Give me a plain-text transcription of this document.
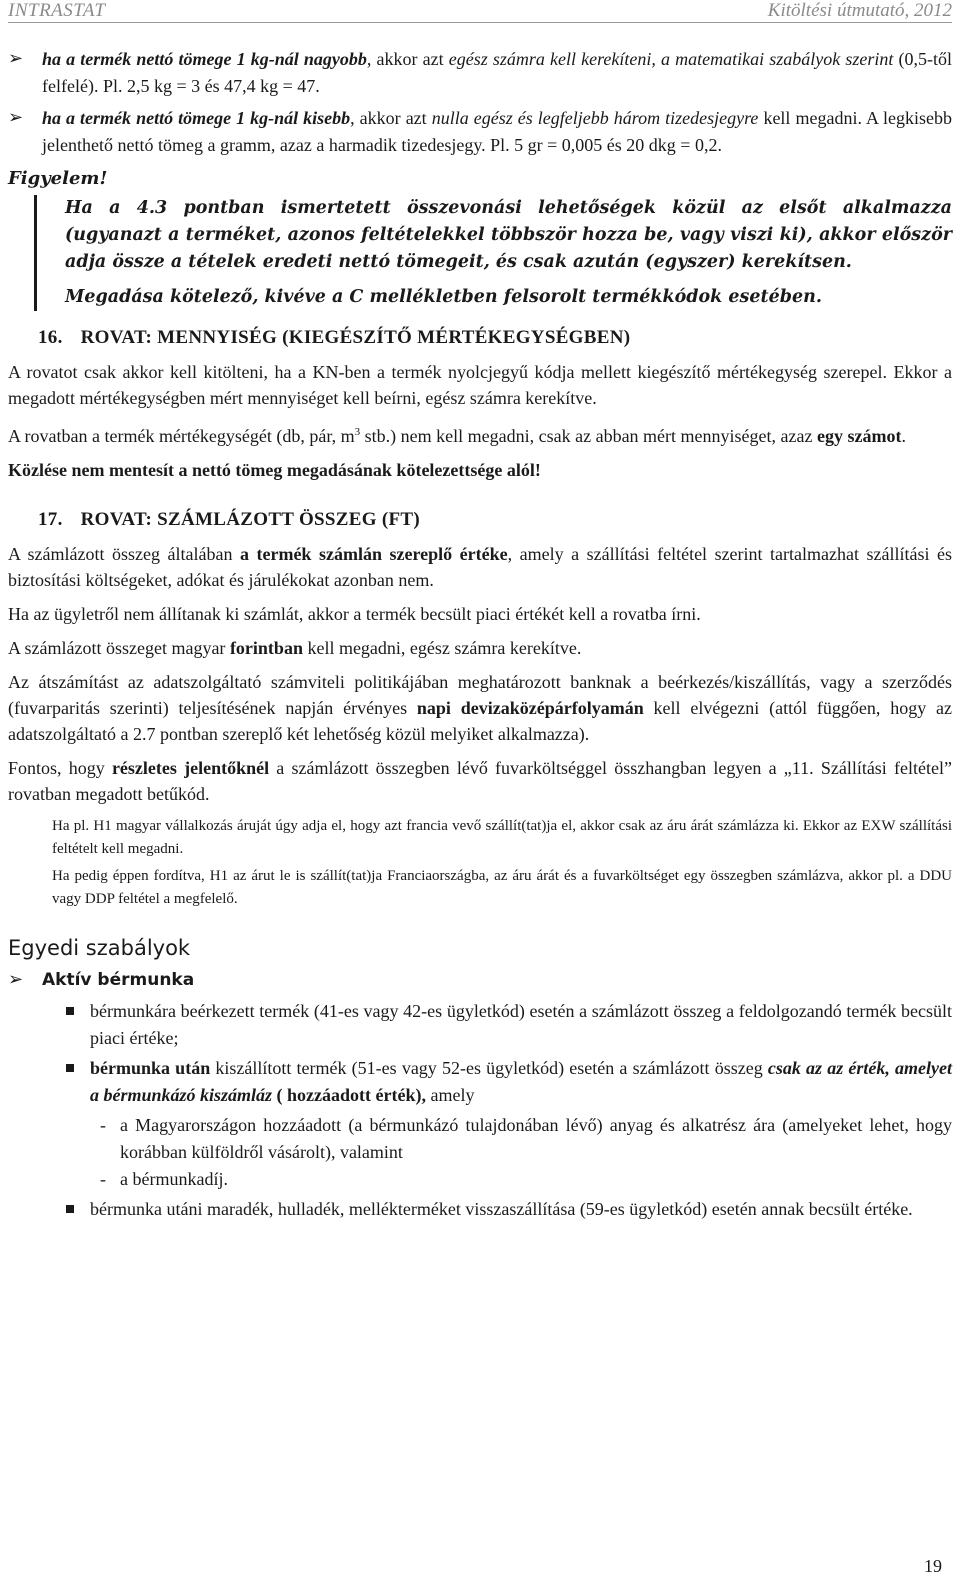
INTRASTAT	Kitöltési útmutató, 2012
➢ ha a termék nettó tömege 1 kg-nál nagyobb, akkor azt egész számra kell kerekíteni, a matematikai szabályok szerint (0,5-től felfelé). Pl. 2,5 kg = 3 és 47,4 kg = 47.
➢ ha a termék nettó tömege 1 kg-nál kisebb, akkor azt nulla egész és legfeljebb három tizedesjegyre kell megadni. A legkisebb jelenthető nettó tömeg a gramm, azaz a harmadik tizedesjegy. Pl. 5 gr = 0,005 és 20 dkg = 0,2.
Figyelem!

Ha a 4.3 pontban ismertetett összevonási lehetőségek közül az elsőt alkalmazza (ugyanazt a terméket, azonos feltételekkel többször hozza be, vagy viszi ki), akkor először adja össze a tételek eredeti nettó tömegeit, és csak azután (egyszer) kerekítsen.

Megadása kötelező, kivéve a C mellékletben felsorolt termékkódok esetében.

16. ROVAT: MENNYISÉG (KIEGÉSZÍTŐ MÉRTÉKEGYSÉGBEN)

A rovatot csak akkor kell kitölteni, ha a KN-ben a termék nyolcjegyű kódja mellett kiegészítő mértékegység szerepel. Ekkor a megadott mértékegységben mért mennyiséget kell beírni, egész számra kerekítve.

A rovatban a termék mértékegységét (db, pár, $m^3$ stb.) nem kell megadni, csak az abban mért mennyiséget, azaz egy számot.

Közlése nem mentesít a nettó tömeg megadásának kötelezettsége alól!

17. ROVAT: SZÁMLÁZOTT ÖSSZEG (FT)

A számlázott összeg általában a termék számlán szereplő értéke, amely a szállítási feltétel szerint tartalmazhat szállítási és biztosítási költségeket, adókat és járulékokat azonban nem.

Ha az ügyletről nem állítanak ki számlát, akkor a termék becsült piaci értékét kell a rovatba írni.

A számlázott összeget magyar forintban kell megadni, egész számra kerekítve.

Az átszámítást az adatszolgáltató számviteli politikájában meghatározott banknak a beérkezés/kiszállítás, vagy a szerződés (fuvarparitás szerinti) teljesítésének napján érvényes napi devizaközépárfolyamán kell elvégezni (attól függően, hogy az adatszolgáltató a 2.7 pontban szereplő két lehetőség közül melyiket alkalmazza).

Fontos, hogy részletes jelentőknél a számlázott összegben lévő fuvarköltséggel összhangban legyen a „11. Szállítási feltétel” rovatban megadott betűkód.

Ha pl. H1 magyar vállalkozás áruját úgy adja el, hogy azt francia vevő szállít(tat)ja el, akkor csak az áru árát számlázza ki. Ekkor az EXW szállítási feltételt kell megadni.

Ha pedig éppen fordítva, H1 az árut le is szállít(tat)ja Franciaországba, az áru árát és a fuvarköltséget egy összegben számlázva, akkor pl. a DDU vagy DDP feltétel a megfelelő.

Egyedi szabályok
➢ Aktív bérmunka
bérmunkára beérkezett termék (41-es vagy 42-es ügyletkód) esetén a számlázott összeg a feldolgozandó termék becsült piaci értéke;
bérmunka után kiszállított termék (51-es vagy 52-es ügyletkód) esetén a számlázott összeg csak az az érték, amelyet a bérmunkázó kiszámláz ( hozzáadott érték), amely
- a Magyarországon hozzáadott (a bérmunkázó tulajdonában lévő) anyag és alkatrész ára (amelyeket lehet, hogy korábban külföldről vásárolt), valamint
- a bérmunkadíj.
bérmunka utáni maradék, hulladék, mellékterméket visszaszállítása (59-es ügyletkód) esetén annak becsült értéke.
19
